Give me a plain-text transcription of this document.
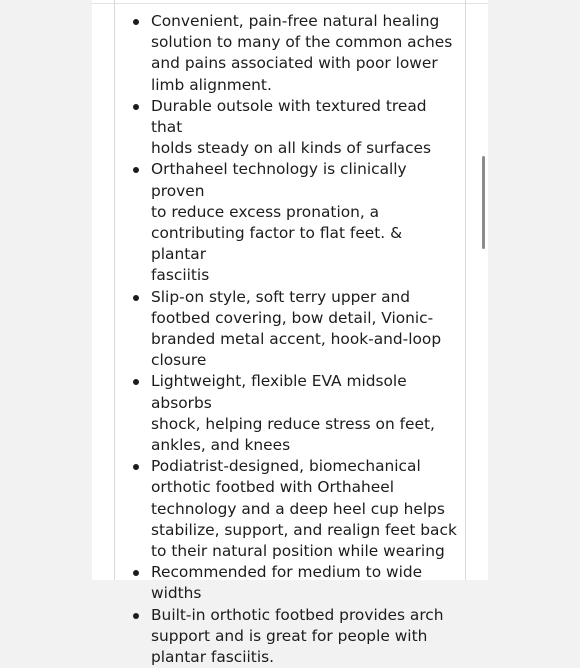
Convenient, pain-free natural healing
solution to many of the common aches
and pains associated with poor lower
limb alignment.
Durable outsole with textured tread that
holds steady on all kinds of surfaces
Orthaheel technology is clinically proven
to reduce excess pronation, a
contributing factor to flat feet. & plantar
fasciitis
Slip-on style, soft terry upper and
footbed covering, bow detail, Vionic-
branded metal accent, hook-and-loop
closure
Lightweight, flexible EVA midsole absorbs
shock, helping reduce stress on feet,
ankles, and knees
Podiatrist-designed, biomechanical
orthotic footbed with Orthaheel
technology and a deep heel cup helps
stabilize, support, and realign feet back
to their natural position while wearing
Recommended for medium to wide
widths
Built-in orthotic footbed provides arch
support and is great for people with
plantar fasciitis.
